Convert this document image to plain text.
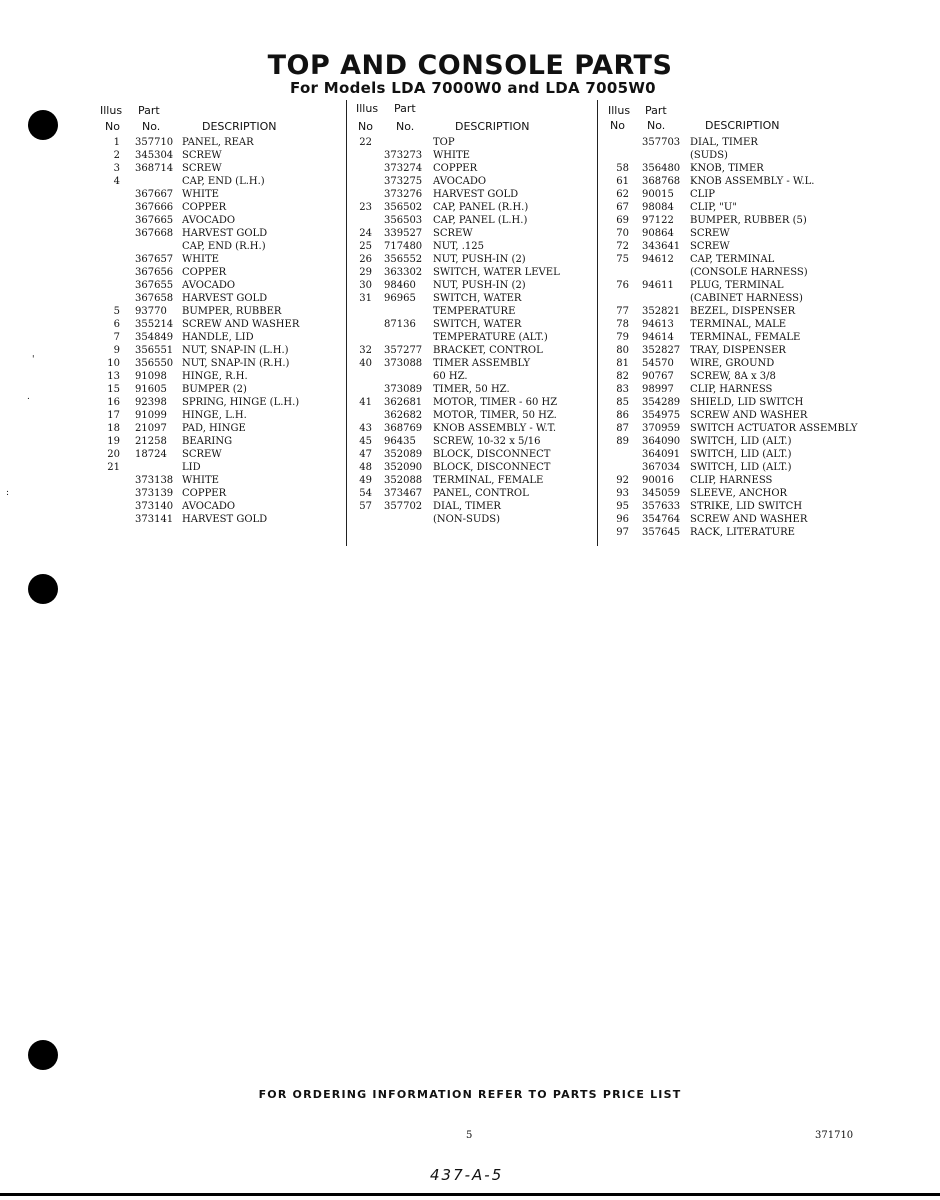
'
.
:
TOP AND CONSOLE PARTS
For Models LDA 7000W0 and LDA 7005W0
Illus
No
Part
No.	DESCRIPTION
1 357710 PANEL, REAR
2 345304 SCREW
3 368714 SCREW
4	CAP, END (L.H.)
367667 WHITE
367666 COPPER
367665 AVOCADO
367668 HARVEST GOLD
CAP, END (R.H.)
367657 WHITE
367656 COPPER
367655 AVOCADO
367658 HARVEST GOLD
5 93770 BUMPER, RUBBER
6 355214 SCREW AND WASHER
7 354849 HANDLE, LID
9 356551 NUT, SNAP-IN (L.H.)
10 356550 NUT, SNAP-IN (R.H.)
13 91098 HINGE, R.H.
15 91605 BUMPER (2)
16 92398 SPRING, HINGE (L.H.)
17 91099 HINGE, L.H.
18 21097 PAD, HINGE
19 21258 BEARING
20 18724 SCREW
21	LID
373138 WHITE
373139 COPPER
373140 AVOCADO
373141 HARVEST GOLD
Illus
No
Part
No.	DESCRIPTION
22	TOP
373273 WHITE
373274 COPPER
373275 AVOCADO
373276 HARVEST GOLD
23 356502 CAP, PANEL (R.H.)
356503 CAP, PANEL (L.H.)
24 339527 SCREW
25 717480 NUT, .125
26 356552 NUT, PUSH-IN (2)
29 363302 SWITCH, WATER LEVEL
30 98460 NUT, PUSH-IN (2)
31 96965 SWITCH, WATER
TEMPERATURE
87136 SWITCH, WATER
TEMPERATURE (ALT.)
32 357277 BRACKET, CONTROL
40 373088 TIMER ASSEMBLY
60 HZ.
373089 TIMER, 50 HZ.
41 362681 MOTOR, TIMER - 60 HZ
362682 MOTOR, TIMER, 50 HZ.
43 368769 KNOB ASSEMBLY - W.T.
45 96435 SCREW, 10-32 x 5/16
47 352089 BLOCK, DISCONNECT
48 352090 BLOCK, DISCONNECT
49 352088 TERMINAL, FEMALE
54 373467 PANEL, CONTROL
57 357702 DIAL, TIMER
(NON-SUDS)
Illus
No
Part
No.	DESCRIPTION
357703 DIAL, TIMER
(SUDS)
58 356480 KNOB, TIMER
61 368768 KNOB ASSEMBLY - W.L.
62 90015 CLIP
67 98084 CLIP, "U"
69 97122 BUMPER, RUBBER (5)
70 90864 SCREW
72 343641 SCREW
75 94612 CAP, TERMINAL
(CONSOLE HARNESS)
76 94611 PLUG, TERMINAL
(CABINET HARNESS)
77 352821 BEZEL, DISPENSER
78 94613 TERMINAL, MALE
79 94614 TERMINAL, FEMALE
80 352827 TRAY, DISPENSER
81 54570 WIRE, GROUND
82 90767 SCREW, 8A x 3/8
83 98997 CLIP, HARNESS
85 354289 SHIELD, LID SWITCH
86 354975 SCREW AND WASHER
87 370959 SWITCH ACTUATOR ASSEMBLY
89 364090 SWITCH, LID (ALT.)
364091 SWITCH, LID (ALT.)
367034 SWITCH, LID (ALT.)
92 90016 CLIP, HARNESS
93 345059 SLEEVE, ANCHOR
95 357633 STRIKE, LID SWITCH
96 354764 SCREW AND WASHER
97 357645 RACK, LITERATURE
FOR ORDERING INFORMATION REFER TO PARTS PRICE LIST
5	371710
437-A-5
